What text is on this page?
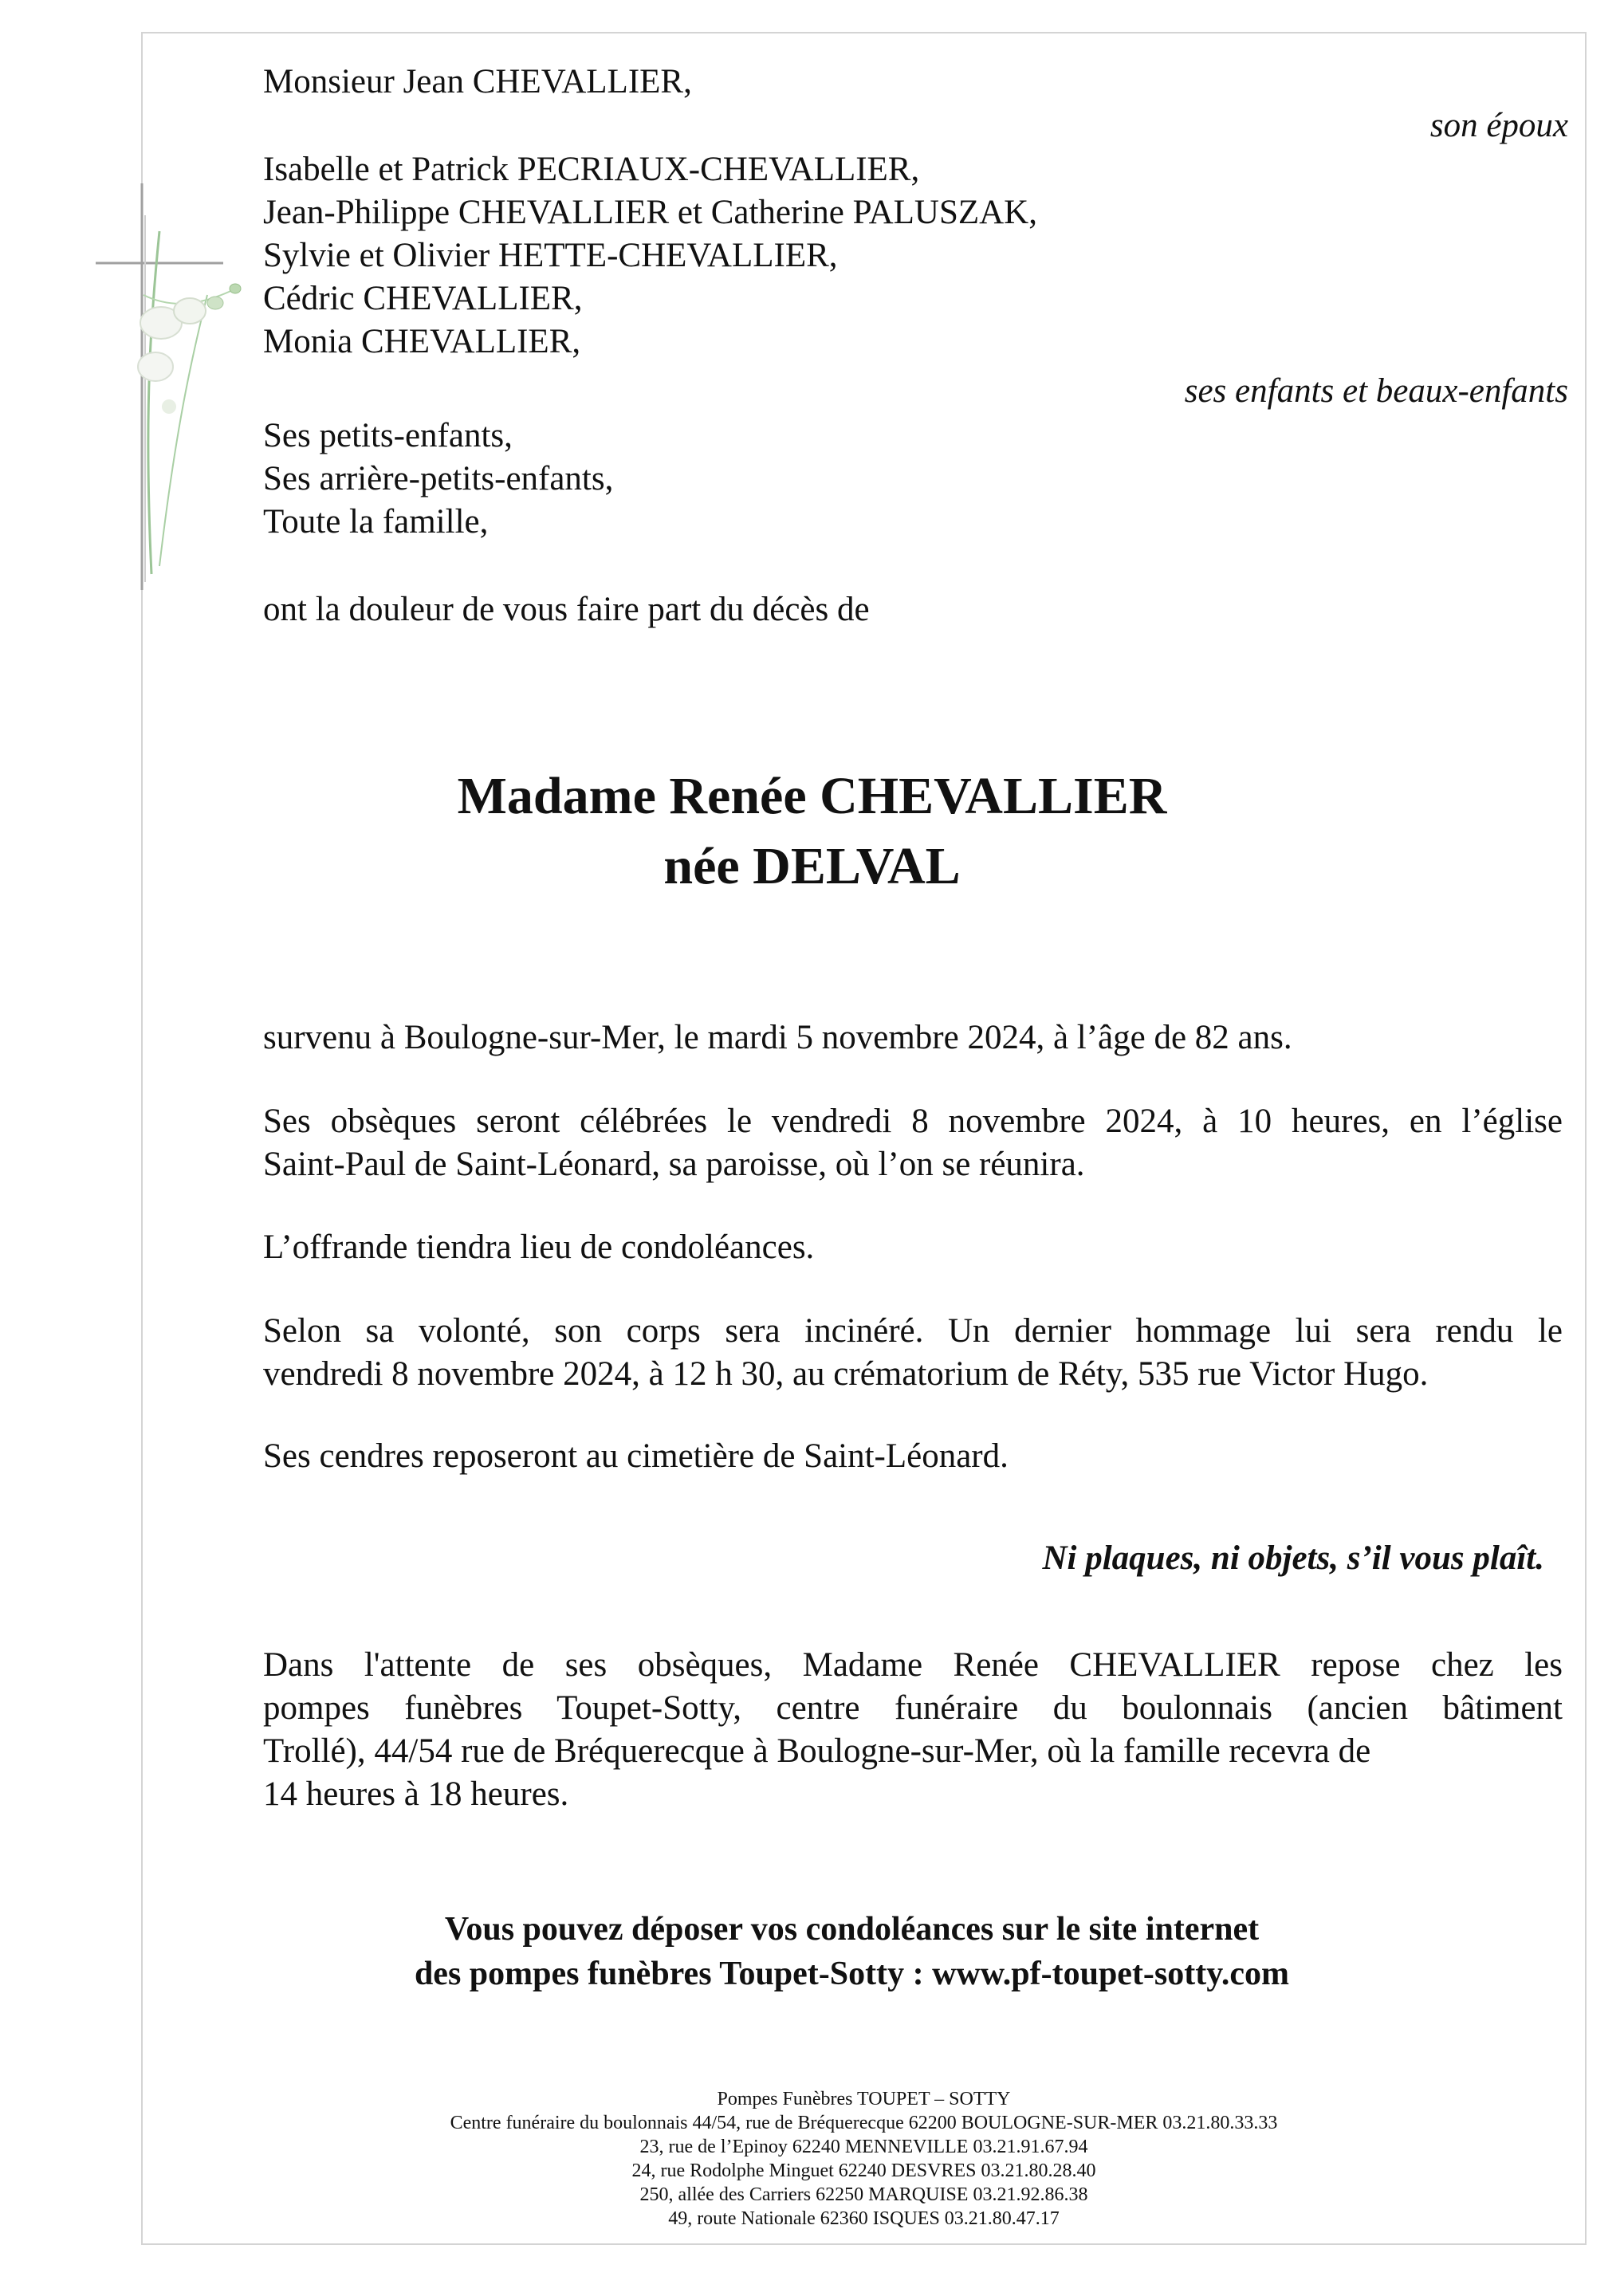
Monsieur Jean CHEVALLIER,
son époux
Isabelle et Patrick PECRIAUX-CHEVALLIER,
Jean-Philippe CHEVALLIER et Catherine PALUSZAK,
Sylvie et Olivier HETTE-CHEVALLIER,
Cédric CHEVALLIER,
Monia CHEVALLIER,
ses enfants et beaux-enfants
Ses petits-enfants,
Ses arrière-petits-enfants,
Toute la famille,
ont la douleur de vous faire part du décès de
Madame Renée CHEVALLIER
née DELVAL
survenu à Boulogne-sur-Mer, le mardi 5 novembre 2024, à l’âge de 82 ans.
Ses obsèques seront célébrées le vendredi 8 novembre 2024, à 10 heures, en l’église
Saint-Paul de Saint-Léonard, sa paroisse, où l’on se réunira.
L’offrande tiendra lieu de condoléances.
Selon sa volonté, son corps sera incinéré. Un dernier hommage lui sera rendu le
vendredi 8 novembre 2024, à 12 h 30, au crématorium de Réty, 535 rue Victor Hugo.
Ses cendres reposeront au cimetière de Saint-Léonard.
Ni plaques, ni objets, s’il vous plaît.
Dans l'attente de ses obsèques, Madame Renée CHEVALLIER repose chez les
pompes funèbres Toupet-Sotty, centre funéraire du boulonnais (ancien bâtiment
Trollé), 44/54 rue de Bréquerecque à Boulogne-sur-Mer, où la famille recevra de
14 heures à 18 heures.
Vous pouvez déposer vos condoléances sur le site internet
des pompes funèbres Toupet-Sotty : www.pf-toupet-sotty.com
Pompes Funèbres TOUPET – SOTTY
Centre funéraire du boulonnais 44/54, rue de Bréquerecque 62200 BOULOGNE-SUR-MER 03.21.80.33.33
23, rue de l’Epinoy 62240 MENNEVILLE 03.21.91.67.94
24, rue Rodolphe Minguet 62240 DESVRES 03.21.80.28.40
250, allée des Carriers 62250 MARQUISE 03.21.92.86.38
49, route Nationale 62360 ISQUES 03.21.80.47.17
